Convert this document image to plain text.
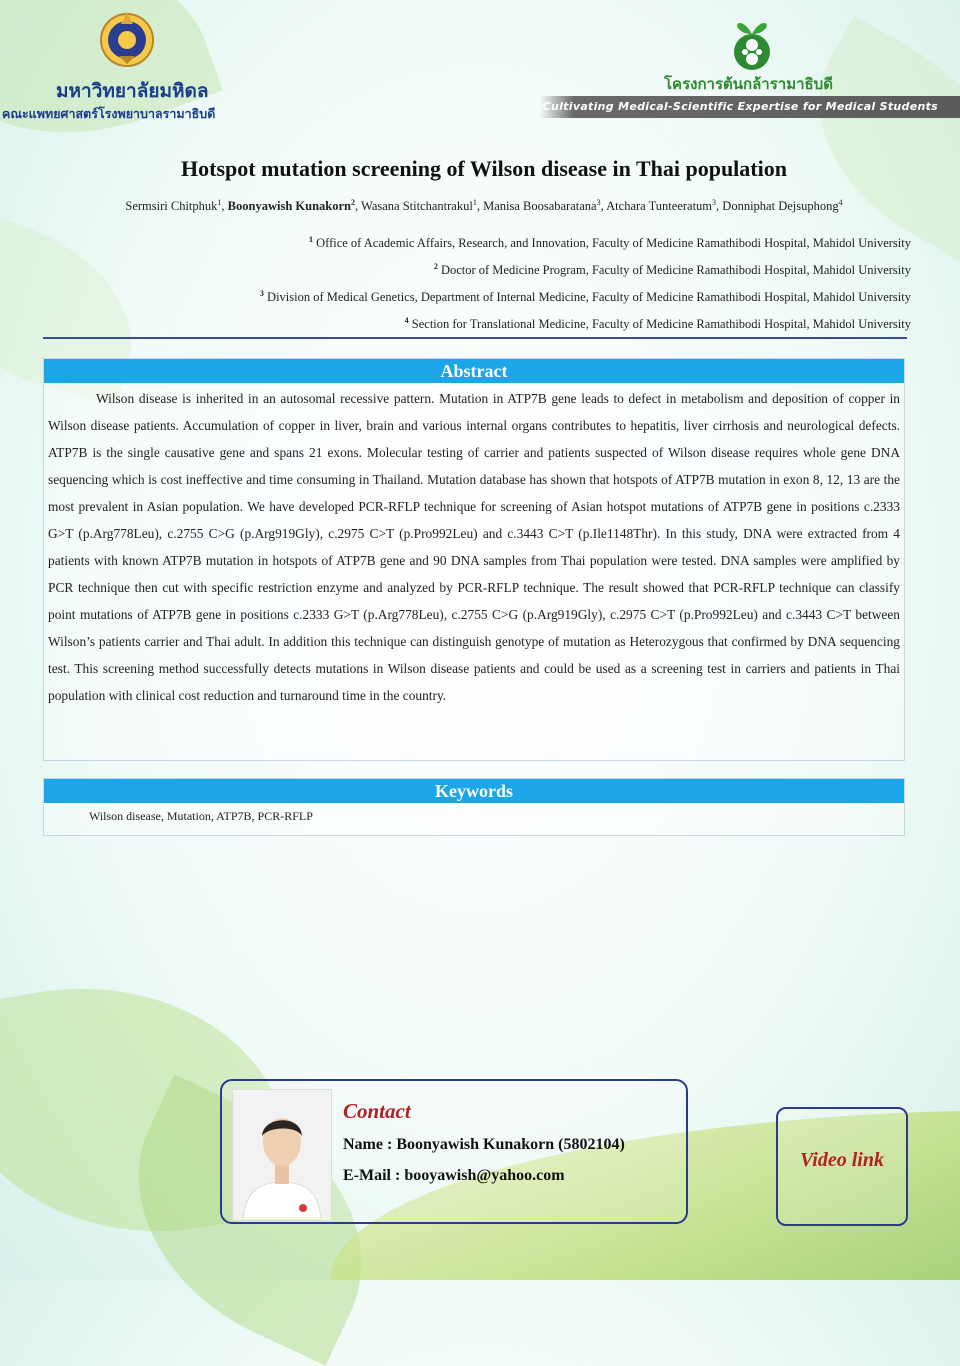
มหาวิทยาลัยมหิดล
คณะแพทยศาสตร์โรงพยาบาลรามาธิบดี
โครงการต้นกล้ารามาธิบดี
Cultivating Medical-Scientific Expertise for Medical Students
Hotspot mutation screening of Wilson disease in Thai population
Sermsiri Chitphuk$^1$, Boonyawish Kunakorn$^2$, Wasana Stitchantrakul$^1$, Manisa Boosabaratana$^3$, Atchara Tunteeratum$^3$, Donniphat Dejsuphong$^4$
$^1$ Office of Academic Affairs, Research, and Innovation, Faculty of Medicine Ramathibodi Hospital, Mahidol University
$^2$ Doctor of Medicine Program, Faculty of Medicine Ramathibodi Hospital, Mahidol University
$^3$ Division of Medical Genetics, Department of Internal Medicine, Faculty of Medicine Ramathibodi Hospital, Mahidol University
$^4$ Section for Translational Medicine, Faculty of Medicine Ramathibodi Hospital, Mahidol University
Abstract
Wilson disease is inherited in an autosomal recessive pattern. Mutation in ATP7B gene leads to defect in metabolism and deposition of copper in Wilson disease patients. Accumulation of copper in liver, brain and various internal organs contributes to hepatitis, liver cirrhosis and neurological defects. ATP7B is the single causative gene and spans 21 exons. Molecular testing of carrier and patients suspected of Wilson disease requires whole gene DNA sequencing which is cost ineffective and time consuming in Thailand. Mutation database has shown that hotspots of ATP7B mutation in exon 8, 12, 13 are the most prevalent in Asian population. We have developed PCR-RFLP technique for screening of Asian hotspot mutations of ATP7B gene in positions c.2333 G>T (p.Arg778Leu), c.2755 C>G (p.Arg919Gly), c.2975 C>T (p.Pro992Leu) and c.3443 C>T (p.Ile1148Thr). In this study, DNA were extracted from 4 patients with known ATP7B mutation in hotspots of ATP7B gene and 90 DNA samples from Thai population were tested. DNA samples were amplified by PCR technique then cut with specific restriction enzyme and analyzed by PCR-RFLP technique. The result showed that PCR-RFLP technique can classify point mutations of ATP7B gene in positions c.2333 G>T (p.Arg778Leu), c.2755 C>G (p.Arg919Gly), c.2975 C>T (p.Pro992Leu) and c.3443 C>T between Wilson’s patients carrier and Thai adult. In addition this technique can distinguish genotype of mutation as Heterozygous that confirmed by DNA sequencing test. This screening method successfully detects mutations in Wilson disease patients and could be used as a screening test in carriers and patients in Thai population with clinical cost reduction and turnaround time in the country.
Keywords
Wilson disease, Mutation, ATP7B, PCR-RFLP
Contact
Name : Boonyawish Kunakorn (5802104)
E-Mail : booyawish@yahoo.com
Video link
